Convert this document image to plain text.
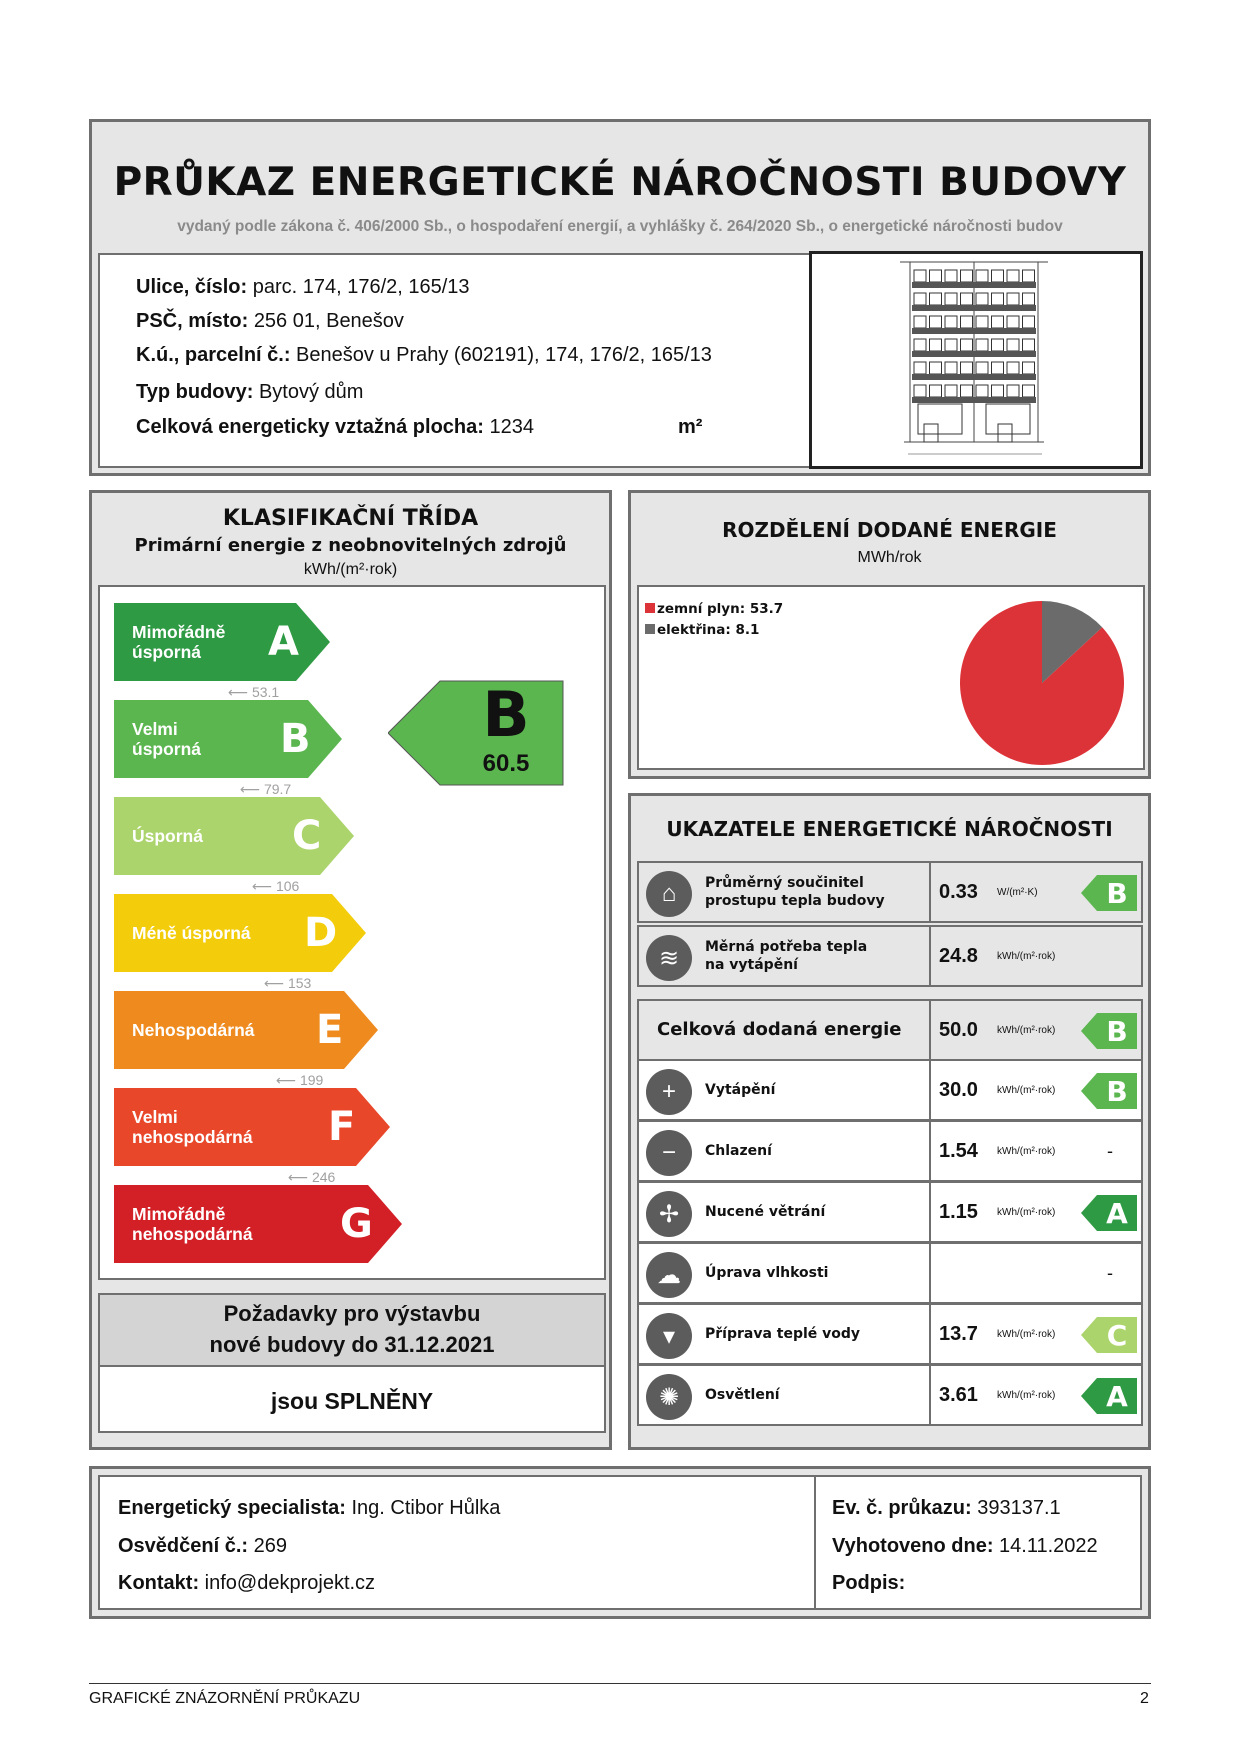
PRŮKAZ ENERGETICKÉ NÁROČNOSTI BUDOVY
vydaný podle zákona č. 406/2000 Sb., o hospodaření energií, a vyhlášky č. 264/2020 Sb., o energetické náročnosti budov
Ulice, číslo: parc. 174, 176/2, 165/13
PSČ, místo: 256 01, Benešov
K.ú., parcelní č.: Benešov u Prahy (602191), 174, 176/2, 165/13
Typ budovy: Bytový dům
Celková energeticky vztažná plocha: 1234	m²
KLASIFIKAČNÍ TŘÍDA
Primární energie z neobnovitelných zdrojů
kWh/(m²·rok)
Mimořádně
úsporná	A
⟵ 53.1
Velmi
úsporná B
⟵ 79.7
Úsporná C
⟵ 106
Méně úsporná D
⟵ 153
Nehospodárná E
⟵ 199
Velmi
nehospodárná F
⟵ 246
Mimořádně
nehospodárná G
B
60.5
Požadavky pro výstavbu
nové budovy do 31.12.2021
jsou SPLNĚNY
ROZDĚLENÍ DODANÉ ENERGIE
MWh/rok
zemní plyn: 53.7
elektřina: 8.1
UKAZATELE ENERGETICKÉ NÁROČNOSTI
⌂	Průměrný součinitel
prostupu tepla budovy	0.33 W/(m²·K)	B
≋	Měrná potřeba tepla
na vytápění	24.8 kWh/(m²·rok)
Celková dodaná energie 50.0 kWh/(m²·rok)	B
+	Vytápění	30.0 kWh/(m²·rok)	B
−	Chlazení	1.54 kWh/(m²·rok)	-
✢	Nucené větrání	1.15 kWh/(m²·rok)	A
☁	Úprava vlhkosti	-
▾	Příprava teplé vody	13.7 kWh/(m²·rok)	C
✺	Osvětlení	3.61 kWh/(m²·rok)	A
Energetický specialista: Ing. Ctibor Hůlka
Osvědčení č.: 269
Kontakt: info@dekprojekt.cz
Ev. č. průkazu: 393137.1
Vyhotoveno dne: 14.11.2022
Podpis:
GRAFICKÉ ZNÁZORNĚNÍ PRŮKAZU	2
